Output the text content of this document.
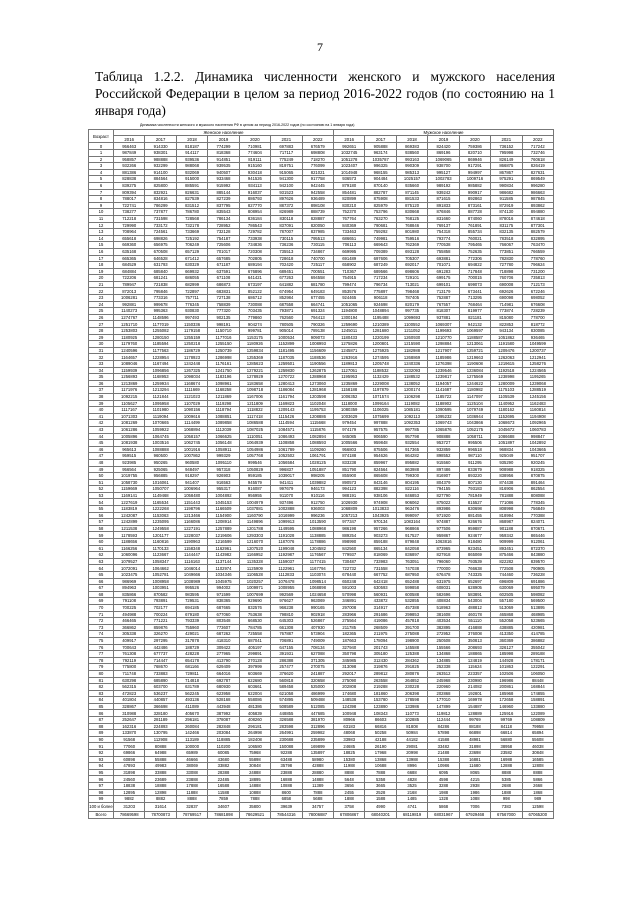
7
Таблица 1.2.2. Динамика численности женского и мужского населения Российской Федерации в целом за период 2016-2022 годов (по состоянию на 1 января года)
Динамика численности женского и мужского населения РФ в целом за период 2016-2022 годов (по состоянию на 1 января года)
Возраст	Женское население							Мужское население						
	2016	2017	2018	2019	2020	2021	2022	2016	2017	2018	2019	2020	2021	2022
0	956463	914330	818187	774299	710981	697883	676579	992651	905888	869383	824420	759386	736152	717242
1	987849	938301	914117	818368	774604	717117	698808	1032745	963174	938560	869196	820710	795998	732746
2	958857	988888	939536	914851	819111	775249	718270	1051278	1035787	993163	1069065	869946	826149	760618
3	932266	932299	988068	939535	915160	819751	776099	1023407	996325	990309	938700	917291	866875	826419
4	881386	914100	932069	940507	930418	915065	821021	1014948	968155	985313	995127	994997	867867	827631
5	828838	884564	915000	933468	941526	941300	917758	936573	904484	1025157	1002783	1009716	975291	869549
6	839275	825800	885591	915992	934113	942100	942445	879180	870140	935660	989192	985882	990834	996280
7	809394	832921	826631	885144	916037	931523	942558	854481	882787	871145	939242	990917	986682	986663
8	788017	834816	827539	827239	886793	897626	936489	820899	875908	881533	871615	892863	911585	987845
9	722741	786299	831512	837795	827770	887372	898108	830210	825979	875120	891833	873161	872919	893862
10	738277	737877	786780	835543	808954	826989	888739	752370	753796	830668	876846	887728	874130	894880
11	712218	731598	728568	786134	836184	830118	828887	767764	763270	768125	831660	874060	878016	874618
12	729990	733172	732178	728952	786543	837091	820050	840369	790681	768846	769137	761891	831175	877301
13	708964	724561	733669	732128	729782	787007	837985	733463	759292	801980	754318	855734	832135	882579
14	655618	698826	725192	754187	733938	730115	795513	686651	749981	759516	793774	760021	783518	832895
15	669360	656975	706249	725606	734836	736236	730115	706113	669643	762369	770538	795465	766067	763470
16	635168	670508	657129	701017	720308	735513	734867	669995	709389	693128	755858	752635	773851	766559
17	665365	646528	671412	657685	702805	728618	740700	691489	697606	705307	693881	772306	782830	778760
18	684529	631793	630329	671187	689194	702420	725117	658902	687249	692017	701071	694822	727780	796624
19	684884	685840	669932	637591	676896	689451	700551	710367	689566	698606	691283	717848	718898	731200
20	722206	681241	686055	671108	641421	677263	694558	754915	717234	729101	699175	700015	760706	735813
21	789947	721838	682999	686873	673197	641882	681780	799474	796734	713021	699101	699073	690008	712173
22	872013	795846	722897	683831	852122	674954	649183	853576	775897	798468	713179	673441	692626	672246
23	1006281	773316	757711	727138	686712	852984	677455	924465	906118	787405	752887	713295	690098	698052
24	992881	999678	776345	758839	730088	687558	664741	1051065	924698	820179	767557	768464	714981	676608
25	1140273	995363	930830	777320	703435	793871	691324	1194800	1048894	997735	818307	819977	773874	728239
26	1274767	1148596	997493	902135	779860	762560	794413	1300194	1195488	1099693	937881	821181	815080	778700
27	1251710	1177019	1150336	998191	904274	780505	790326	1259690	1210389	1100552	1069307	942132	822853	818772
28	1253803	1255082	1179158	1150710	999781	905014	789138	1245011	1281680	1211052	1199693	1069597	943134	830085
29	1180925	1280150	1255159	1177016	1153175	1000534	909073	1180433	1220199	1260930	1210770	1188587	1051862	936465
30	1179760	1185594	1250218	1255150	1180926	1152899	1008993	1275826	1200801	1215590	1298884	1213061	1191580	1049599
31	1240596	1177563	1186729	1250739	1259834	1181495	1156609	1245871	1275925	1182988	1217907	1259721	1209476	1200737
32	1164657	1228954	1178923	1286998	1255369	1187035	1188536	1263916	1274595	1268869	1185986	1219663	1262063	1212941
33	1089046	1167494	1242448	1176161	1285623	1259501	1190556	1189813	1205748	1240336	1276398	1190608	1219615	1258276
34	1159939	1096856	1267325	1241750	1279221	1259830	1262875	1127051	1188532	1232093	1239546	1236084	1192518	1224565
35	1256893	1168953	1098034	1183196	1278929	1270722	1288968	1195953	1132429	1188532	1239817	1275569	1238998	1195265
36	1213869	1259934	1168674	1098961	1183658	1280413	1273060	1235869	1229008	1138052	1194057	1244622	1280009	1239068
37	1171976	1213294	1111669	1168258	1098718	1186084	1281968	1158188	1197879	1200174	1141687	1180982	1175103	1288519
38	1092215	1121844	1121023	1211869	1167006	1161794	1203598	1006352	1071574	1106298	1185722	1147097	1105539	1245156
39	1105627	1095958	1107029	1119298	1211809	1169823	1102048	1118000	1099164	1119082	1188902	1125104	1140952	1162483
40	1117167	1101980	1090156	1118794	1118822	1209143	1195753	1080359	1106025	1085181	1090595	1079749	1180162	1160814
41	1071303	1119094	1009616	1088851	1117418	1115426	1208886	1003629	1075699	1092113	1095232	1036944	1152695	1194908
42	1081269	1070665	1114499	1089858	1086588	1114594	1115668	979454	997888	1092353	1069743	1043866	1068673	1092965
43	1061286	1059922	1068894	1112039	1087025	1084571	1115876	974179	957575	997785	1065876	1052175	1045672	1060783
44	1005896	1064745	1058157	1066625	1110051	1086493	1082894	945085	906590	957798	908888	1058711	1086688	998847
45	1081938	1003516	1062745	1056148	1064939	1108858	1088593	1005566	959848	932554	953727	995506	1051897	1042892
46	965613	1088888	1001916	1058911	1054986	1061789	1109260	956803	875506	917365	932859	996518	968834	1043665
47	959515	960500	1007862	999329	1057768	1052502	1061791	874188	954626	864282	898552	987110	925049	951707
48	923985	950265	960580	1095110	999546	1056584	1028125	833238	859967	895882	915560	911295	935290	920245
49	956564	925065	948497	957318	1050829	996837	1051887	851790	824564	863988	897486	833679	908988	918325
50	1019755	956885	918297	926903	959185	1039017	998205	855900	865608	799300	816907	893220	838956	870875
51	1058730	1016061	941407	916563	945579	941411	1039882	890573	843146	804195	804379	807130	874438	891464
52	1159669	1050707	1006964	955317	916087	997679	946173	994123	882398	822116	794155	793183	816906	862554
53	1169141	1149468	1058480	1004892	956955	911070	910116	988191	938106	846853	827790	781949	781888	808088
54	1227619	1165534	1151443	1045153	1004979	937496	912750	1026930	974908	906062	875022	815527	771086	778345
55	1183819	1222268	1198796	1166509	1037881	1002888	936003	1068809	1013833	963476	893986	830698	808998	756849
56	1242087	1153063	1213466	1154900	1160790	1016999	996236	1057213	1043925	999097	971920	881455	818994	770388
57	1242899	1235095	1166086	1208914	1149896	1099913	1013590	977347	970134	1083164	974887	926676	868987	824071
58	1211538	1249558	1227191	1257889	1201788	1149595	1088968	986198	957266	968866	977506	959887	901188	870671
59	1178593	1201177	1228037	1219606	1293303	1191028	1138885	889254	903273	917527	959867	924677	959342	865446
60	1188656	1160816	1190963	1216599	1216070	1187076	1178886	898990	859188	879848	1063816	918480	909999	912061
61	1166256	1170133	1158348	1162961	1207520	1199048	1204582	842560	865134	842058	873965	923451	893451	872370
62	1060096	1123667	1144447	1143982	1166952	1192987	1176567	779937	818069	836897	827918	865069	875466	843880
63	1079527	1058347	1116163	1137144	1135328	1159037	1177415	730487	733983	763051	796060	793539	822282	839570
64	1072091	1064662	1046014	1102974	1125909	1122961	1167794	722732	731558	747038	770000	766638	772508	790905
65	1023475	1052781	1049666	1034346	1106528	1112833	1103074	678440	667752	687950	676478	743325	744460	736228
66	986969	1008958	1038989	1045975	1020257	1076478	1098514	650248	642418	652488	631975	652697	696809	691886
67	894963	1003951	995526	994002	1009971	1008955	1068898	591003	630593	599858	608031	628905	630069	695079
68	835866	870582	983595	971599	1007699	992569	1024658	570998	560931	600588	582696	583891	602505	598082
69	791108	793891	729531	838365	929690	976627	963069	346891	433872	532855	408834	543004	557180	569500
70	700225	702177	694185	687665	832576	966238	990165	297008	314917	457388	518963	488812	513069	513895
71	494988	700224	679180	677060	753638	798810	902918	283966	291686	299853	381608	460178	465868	468985
72	466465	771221	793339	803548	668530	645303	526867	275564	419086	457818	403534	551110	552058	523665
73	366862	859876	755960	773607	784785	661308	407930	211785	268509	391700	382895	416888	438885	420981
74	305338	326270	429021	687262	725558	767887	573904	182365	211975	275088	272952	376008	413350	414785
75	409917	297295	317878	418310	687041	706891	749009	187663	178094	198900	250508	350813	360369	386882
76	700643	442486	188729	309422	405197	647155	708134	327940	201743	145588	155566	208693	326127	355042
77	761308	677737	428228	277965	299891	391931	627088	350798	305180	125388	134868	188865	185998	289188
78	792119	714447	654178	413790	270128	286388	371305	345985	312430	284362	134885	124819	144928	178171
79	775800	768670	681166	629409	397999	257477	270075	313098	319876	291825	252338	115624	101863	122291
80	711748	733883	729811	664016	603669	376620	241887	292017	289812	280876	263512	223357	102506	106050
81	630298	685890	714818	692787	622680	560818	320658	275090	263558	264852	245968	230980	196986	88448
82	562315	603700	631789	680930	603661	589458	525000	202808	219288	230228	220960	214082	200861	168844
83	472823	536237	562245	623958	622004	621058	486999	174680	181860	206398	202868	192801	185968	174855
84	401804	440857	493136	528168	558086	574895	509488	148538	153780	178598	177010	169978	172658	158891
85	328867	366698	411089	443948	481386	508589	512085	124398	123890	133986	147899	154887	146960	133880
86	310988	328180	405670	387992	405839	448855	447685	100948	108343	110773	119812	128889	125916	122089
87	252647	281189	296181	378087	408260	326588	381970	80966	86603	102885	112444	99769	99769	108809
88	162316	224893	260084	282848	296181	283598	312896	63183	66816	81808	84286	88188	84118	79958
89	133870	130795	142466	203084	264998	264991	259982	48068	50258	50984	57898	66898	66814	65894
90	91568	112908	113189	118885	182408	230688	235899	33983	42188	44182	41588	48981	56880	55608
91	77060	80888	100000	110200	106580	150088	169899	24685	26190	29081	33482	31898	38958	46038
92	69866	64988	65989	60085	75968	92288	135897	18825	17968	20998	21488	23698	23582	30848
93	60898	55888	46666	43680	55898	63488	58980	15380	13868	13988	15388	16881	16988	16585
94	47893	49983	38069	33882	30848	35798	42888	11988	10688	8996	10986	11680	12888	12808
95	31898	33888	33088	28388	24888	23888	28880	8888	7888	6688	6095	8065	8888	8888
96	24560	23689	23888	22485	18895	16888	14888	5648	5358	4828	4598	4215	5385	5866
97	18838	18888	17888	16588	14888	10888	11389	3656	3665	3525	3288	2938	2688	2668
98	12895	12898	11888	11588	10888	8600	7888	2455	2528	2168	1988	1986	1888	1868
99	9882	8882	8888	7859	7888	6858	5688	1888	1588	1485	1328	1088	998	989
100 и более	31203	31614	32837	34607	35800	39639	34757	3758	4990	4741	5868	7006	7383	12598
Всего	78669598	78700873	78769517	78681898	78629521	78544316	78006887	67806867	68040201	68119819	68031967	67929468	67567000	67065200
